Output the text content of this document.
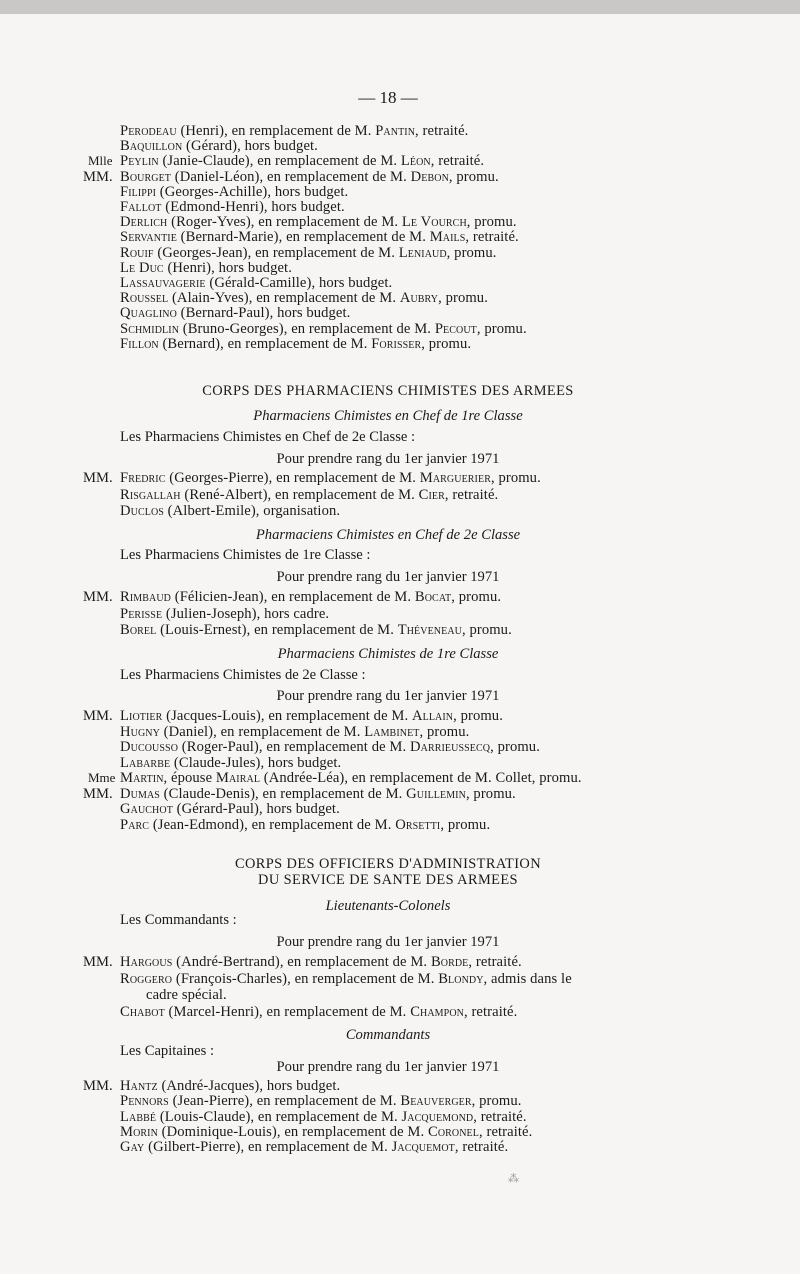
— 18 —
Perodeau (Henri), en remplacement de M. Pantin, retraité.
Baquillon (Gérard), hors budget.
Mlle Peylin (Janie-Claude), en remplacement de M. Léon, retraité.
MM. Bourget (Daniel-Léon), en remplacement de M. Debon, promu.
Filippi (Georges-Achille), hors budget.
Fallot (Edmond-Henri), hors budget.
Derlich (Roger-Yves), en remplacement de M. Le Vourch, promu.
Servantie (Bernard-Marie), en remplacement de M. Mails, retraité.
Rouif (Georges-Jean), en remplacement de M. Leniaud, promu.
Le Duc (Henri), hors budget.
Lassauvagerie (Gérald-Camille), hors budget.
Roussel (Alain-Yves), en remplacement de M. Aubry, promu.
Quaglino (Bernard-Paul), hors budget.
Schmidlin (Bruno-Georges), en remplacement de M. Pecout, promu.
Fillon (Bernard), en remplacement de M. Forisser, promu.
CORPS DES PHARMACIENS CHIMISTES DES ARMEES
Pharmaciens Chimistes en Chef de 1re Classe
Les Pharmaciens Chimistes en Chef de 2e Classe :
Pour prendre rang du 1er janvier 1971
MM. Fredric (Georges-Pierre), en remplacement de M. Marguerier, promu.
Risgallah (René-Albert), en remplacement de M. Cier, retraité.
Duclos (Albert-Emile), organisation.
Pharmaciens Chimistes en Chef de 2e Classe
Les Pharmaciens Chimistes de 1re Classe :
Pour prendre rang du 1er janvier 1971
MM. Rimbaud (Félicien-Jean), en remplacement de M. Bocat, promu.
Perisse (Julien-Joseph), hors cadre.
Borel (Louis-Ernest), en remplacement de M. Théveneau, promu.
Pharmaciens Chimistes de 1re Classe
Les Pharmaciens Chimistes de 2e Classe :
Pour prendre rang du 1er janvier 1971
MM. Liotier (Jacques-Louis), en remplacement de M. Allain, promu.
Hugny (Daniel), en remplacement de M. Lambinet, promu.
Ducousso (Roger-Paul), en remplacement de M. Darrieussecq, promu.
Labarbe (Claude-Jules), hors budget.
Mme Martin, épouse Mairal (Andrée-Léa), en remplacement de M. Collet, promu.
MM. Dumas (Claude-Denis), en remplacement de M. Guillemin, promu.
Gauchot (Gérard-Paul), hors budget.
Parc (Jean-Edmond), en remplacement de M. Orsetti, promu.
CORPS DES OFFICIERS D'ADMINISTRATION
DU SERVICE DE SANTE DES ARMEES
Lieutenants-Colonels
Les Commandants :
Pour prendre rang du 1er janvier 1971
MM. Hargous (André-Bertrand), en remplacement de M. Borde, retraité.
Roggero (François-Charles), en remplacement de M. Blondy, admis dans le
cadre spécial.
Chabot (Marcel-Henri), en remplacement de M. Champon, retraité.
Commandants
Les Capitaines :
Pour prendre rang du 1er janvier 1971
MM. Hantz (André-Jacques), hors budget.
Pennors (Jean-Pierre), en remplacement de M. Beauverger, promu.
Labbé (Louis-Claude), en remplacement de M. Jacquemond, retraité.
Morin (Dominique-Louis), en remplacement de M. Coronel, retraité.
Gay (Gilbert-Pierre), en remplacement de M. Jacquemot, retraité.
⁂
